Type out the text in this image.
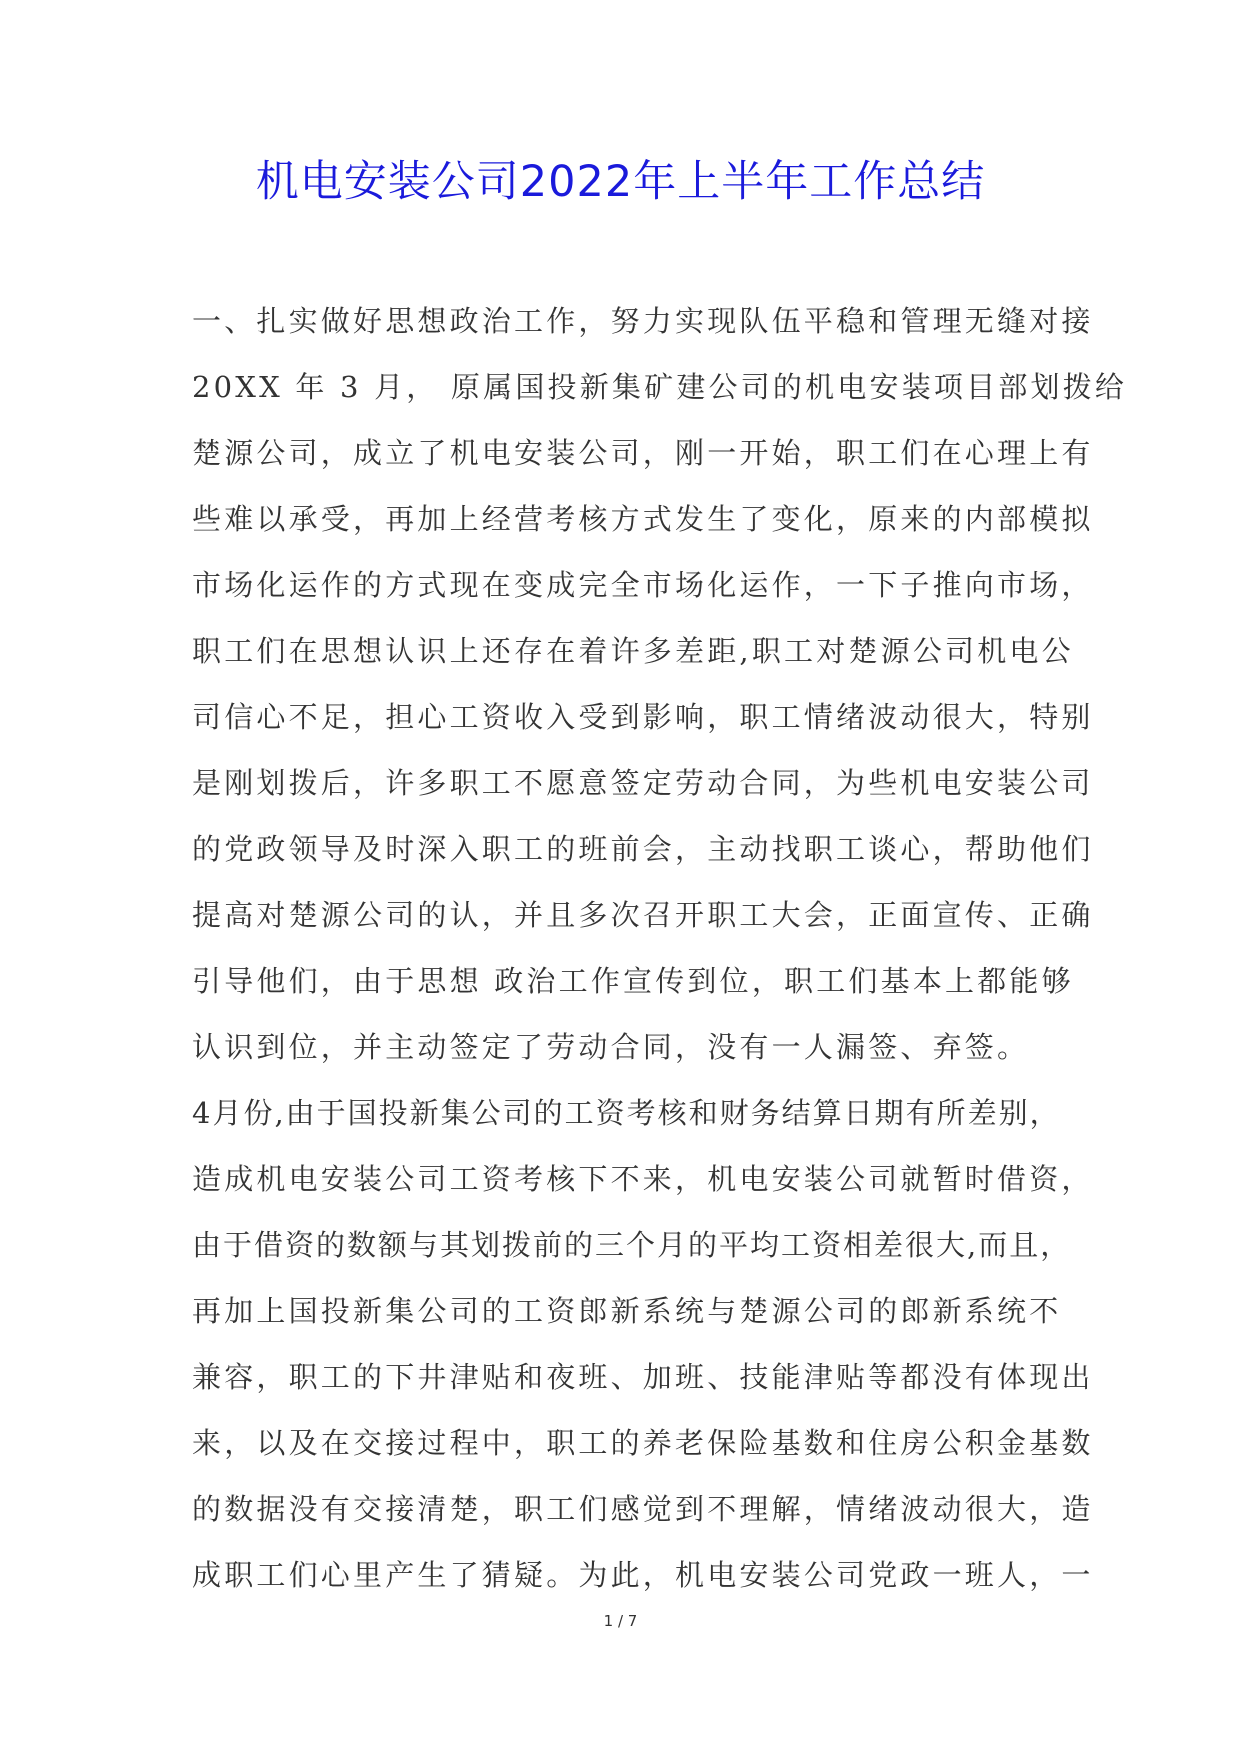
机电安装公司2022年上半年工作总结
一、扎实做好思想政治工作，努力实现队伍平稳和管理无缝对接
20XX 年 3 月， 原属国投新集矿建公司的机电安装项目部划拨给
楚源公司，成立了机电安装公司，刚一开始，职工们在心理上有
些难以承受，再加上经营考核方式发生了变化，原来的内部模拟
市场化运作的方式现在变成完全市场化运作，一下子推向市场，
职工们在思想认识上还存在着许多差距,职工对楚源公司机电公
司信心不足，担心工资收入受到影响，职工情绪波动很大，特别
是刚划拨后，许多职工不愿意签定劳动合同，为些机电安装公司
的党政领导及时深入职工的班前会，主动找职工谈心，帮助他们
提高对楚源公司的认，并且多次召开职工大会，正面宣传、正确
引导他们，由于思想 政治工作宣传到位，职工们基本上都能够
认识到位，并主动签定了劳动合同，没有一人漏签、弃签。
4月份,由于国投新集公司的工资考核和财务结算日期有所差别，
造成机电安装公司工资考核下不来，机电安装公司就暂时借资，
由于借资的数额与其划拨前的三个月的平均工资相差很大,而且，
再加上国投新集公司的工资郎新系统与楚源公司的郎新系统不
兼容，职工的下井津贴和夜班、加班、技能津贴等都没有体现出
来，以及在交接过程中，职工的养老保险基数和住房公积金基数
的数据没有交接清楚，职工们感觉到不理解，情绪波动很大，造
成职工们心里产生了猜疑。为此，机电安装公司党政一班人，一
1 / 7
